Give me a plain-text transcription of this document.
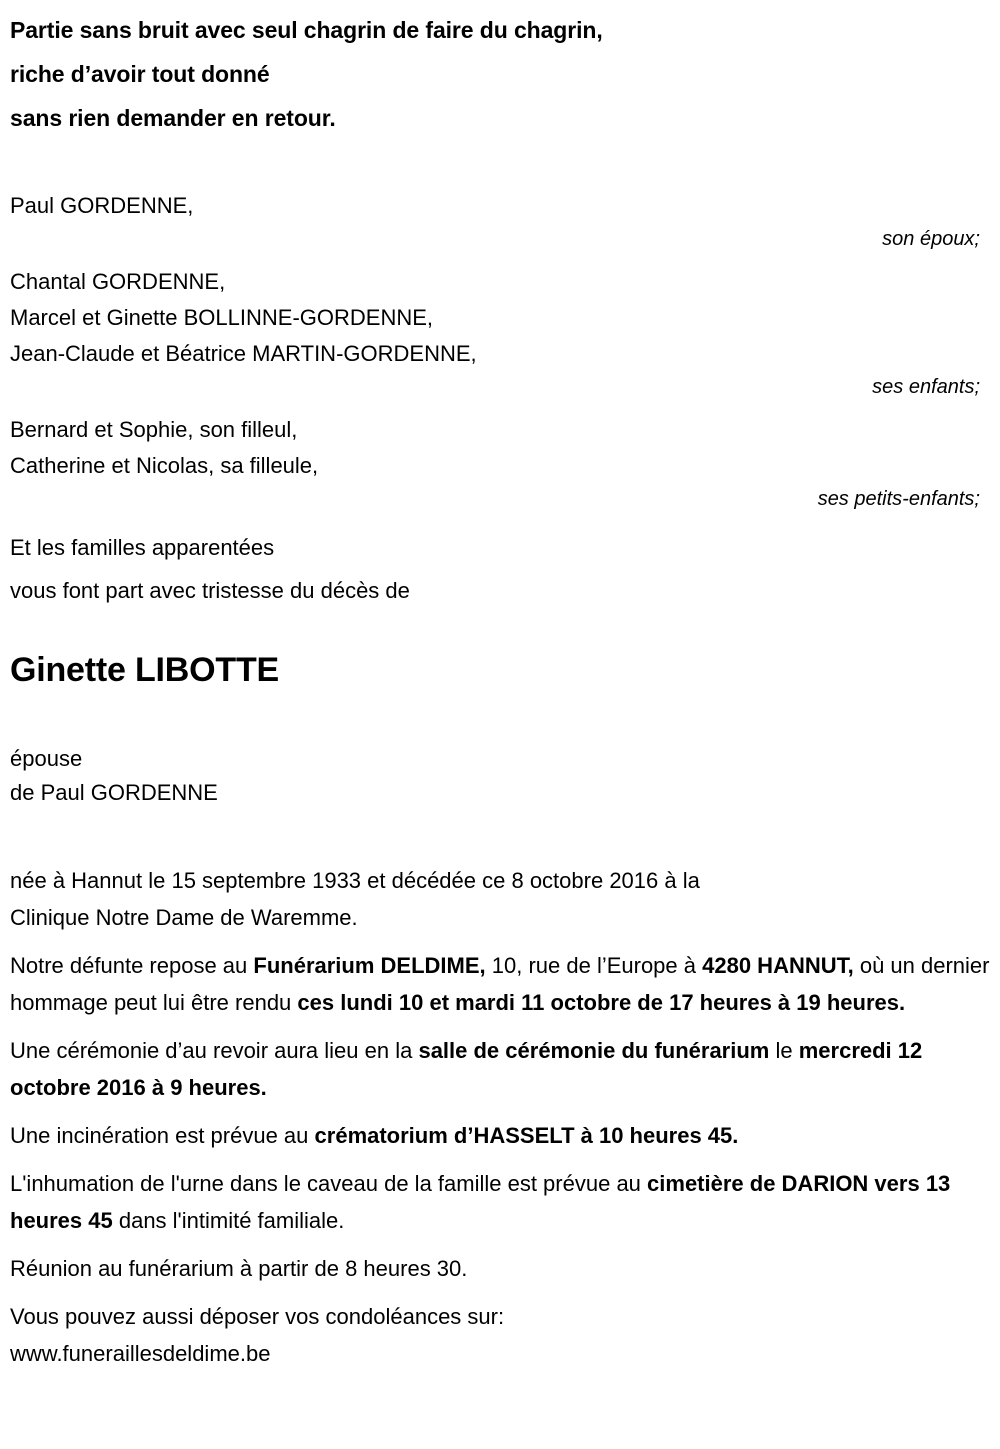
Partie sans bruit avec seul chagrin de faire du chagrin,
riche d’avoir tout donné
sans rien demander en retour.
Paul GORDENNE,
son époux;
Chantal GORDENNE,
Marcel et Ginette BOLLINNE-GORDENNE,
Jean-Claude et Béatrice MARTIN-GORDENNE,
ses enfants;
Bernard et Sophie, son filleul,
Catherine et Nicolas, sa filleule,
ses petits-enfants;
Et les familles apparentées
vous font part avec tristesse du décès de
Ginette LIBOTTE
épouse
de Paul GORDENNE

née à Hannut le 15 septembre 1933 et décédée ce 8 octobre 2016 à la
Clinique Notre Dame de Waremme.

Notre défunte repose au Funérarium DELDIME, 10, rue de l’Europe à 4280 HANNUT, où un dernier hommage peut lui être rendu ces lundi 10 et mardi 11 octobre de 17 heures à 19 heures.

Une cérémonie d’au revoir aura lieu en la salle de cérémonie du funérarium le mercredi 12 octobre 2016 à 9 heures.

Une incinération est prévue au crématorium d’HASSELT à 10 heures 45.

L'inhumation de l'urne dans le caveau de la famille est prévue au cimetière de DARION vers 13 heures 45 dans l'intimité familiale.

Réunion au funérarium à partir de 8 heures 30.

Vous pouvez aussi déposer vos condoléances sur:
www.funeraillesdeldime.be
